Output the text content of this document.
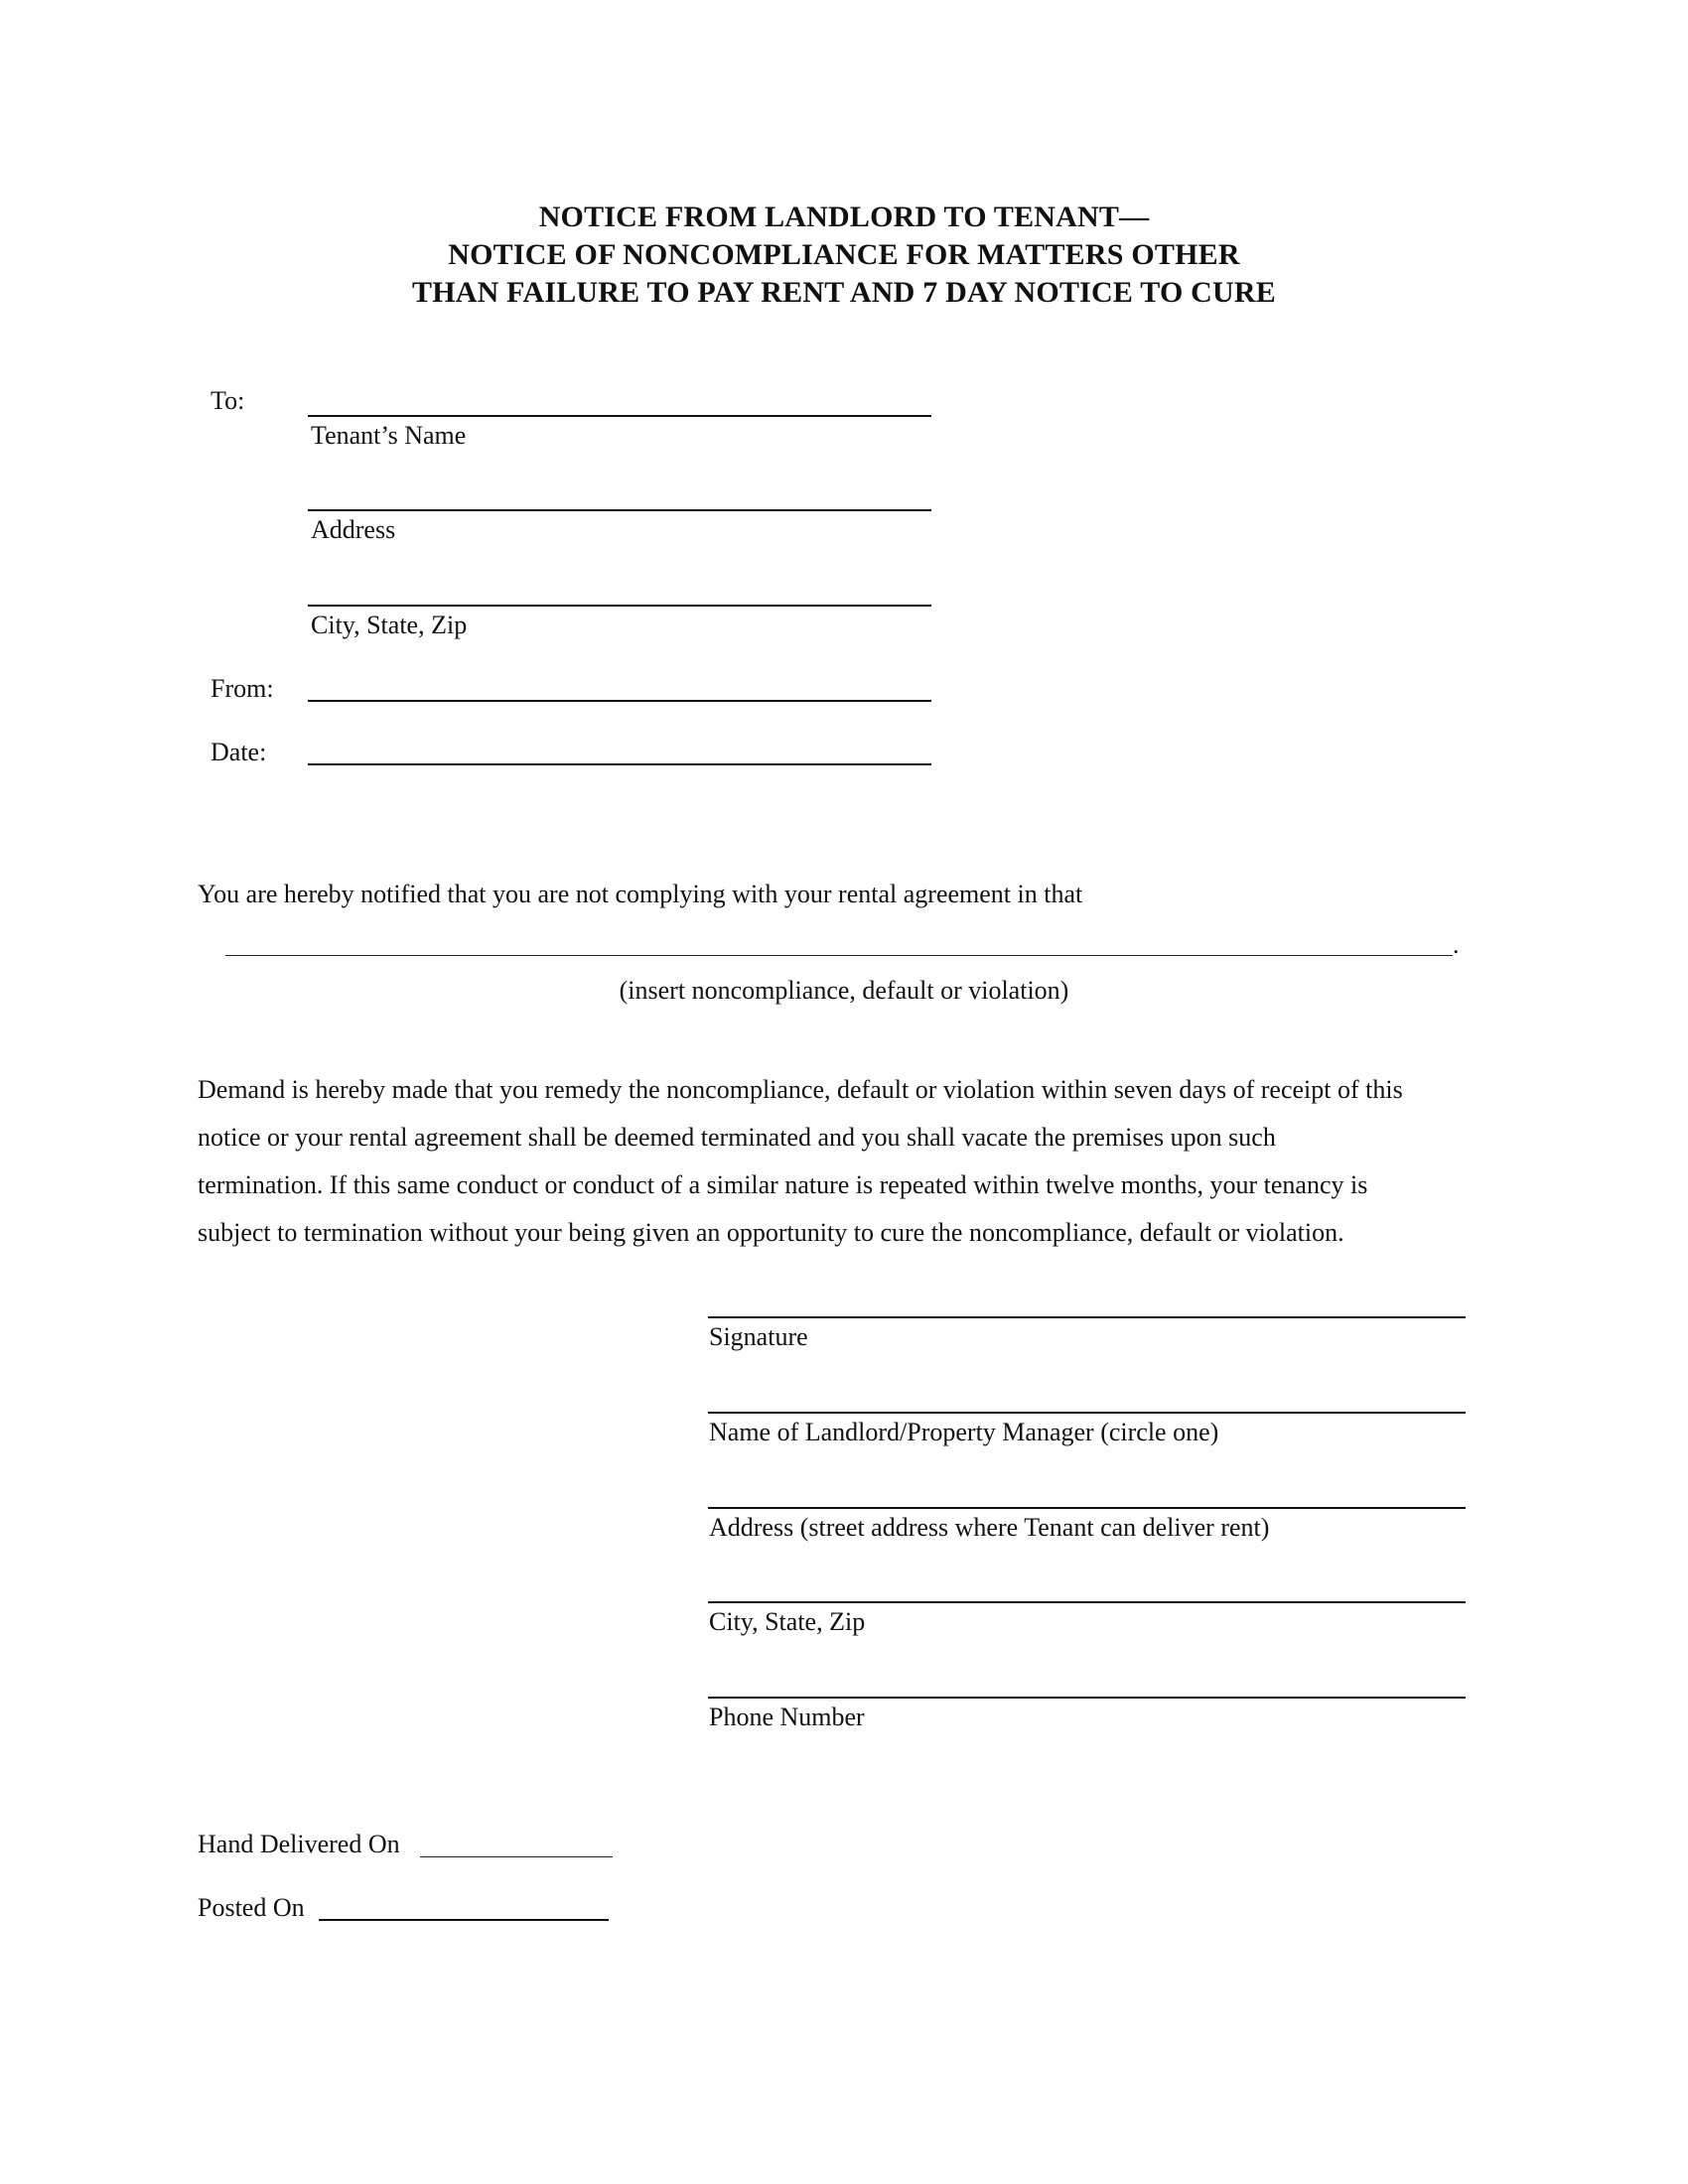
NOTICE FROM LANDLORD TO TENANT—
NOTICE OF NONCOMPLIANCE FOR MATTERS OTHER
THAN FAILURE TO PAY RENT AND 7 DAY NOTICE TO CURE
To:
Tenant’s Name
Address
City, State, Zip
From:
Date:
You are hereby notified that you are not complying with your rental agreement in that
.
(insert noncompliance, default or violation)
Demand is hereby made that you remedy the noncompliance, default or violation within seven days of receipt of this
notice or your rental agreement shall be deemed terminated and you shall vacate the premises upon such
termination. If this same conduct or conduct of a similar nature is repeated within twelve months, your tenancy is
subject to termination without your being given an opportunity to cure the noncompliance, default or violation.
Signature
Name of Landlord/Property Manager (circle one)
Address (street address where Tenant can deliver rent)
City, State, Zip
Phone Number
Hand Delivered On
Posted On
